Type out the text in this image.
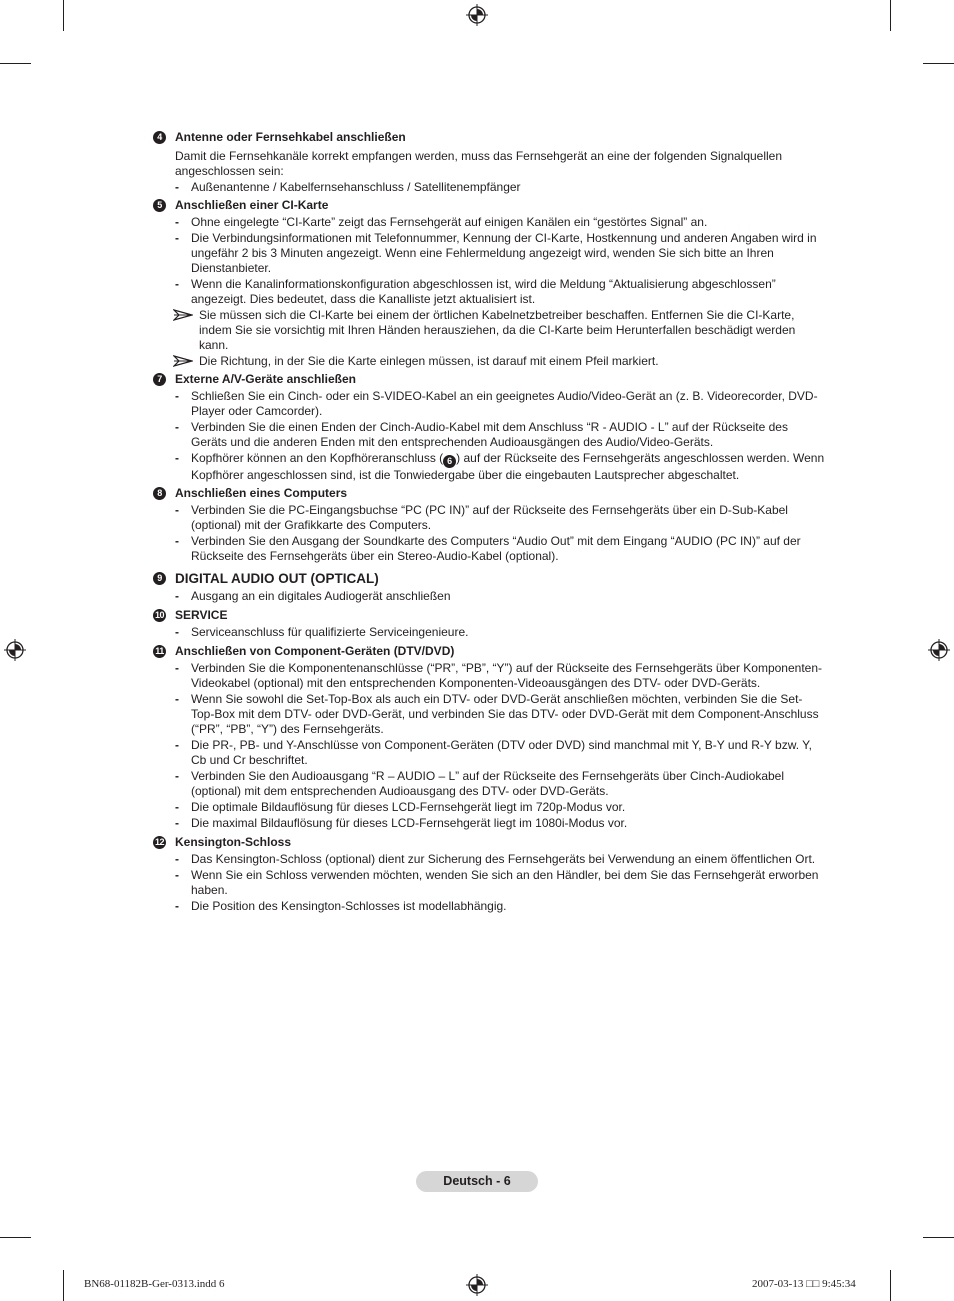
4	Antenne oder Fernsehkabel anschließen
Damit die Fernsehkanäle korrekt empfangen werden, muss das Fernsehgerät an eine der folgenden Signalquellen angeschlossen sein:
- Außenantenne / Kabelfernsehanschluss / Satellitenempfänger
5	Anschließen einer CI-Karte
- Ohne eingelegte “CI-Karte” zeigt das Fernsehgerät auf einigen Kanälen ein “gestörtes Signal” an.
- Die Verbindungsinformationen mit Telefonnummer, Kennung der CI-Karte, Hostkennung und anderen Angaben wird in ungefähr 2 bis 3 Minuten angezeigt. Wenn eine Fehlermeldung angezeigt wird, wenden Sie sich bitte an Ihren Dienstanbieter.
- Wenn die Kanalinformationskonfiguration abgeschlossen ist, wird die Meldung “Aktualisierung abgeschlossen” angezeigt. Dies bedeutet, dass die Kanalliste jetzt aktualisiert ist.
Sie müssen sich die CI-Karte bei einem der örtlichen Kabelnetzbetreiber beschaffen. Entfernen Sie die CI-Karte, indem Sie sie vorsichtig mit Ihren Händen herausziehen, da die CI-Karte beim Herunterfallen beschädigt werden kann.
Die Richtung, in der Sie die Karte einlegen müssen, ist darauf mit einem Pfeil markiert.
7	Externe A/V-Geräte anschließen
- Schließen Sie ein Cinch- oder ein S-VIDEO-Kabel an ein geeignetes Audio/Video-Gerät an (z. B. Videorecorder, DVD-Player oder Camcorder).
- Verbinden Sie die einen Enden der Cinch-Audio-Kabel mit dem Anschluss “R - AUDIO - L” auf der Rückseite des Geräts und die anderen Enden mit den entsprechenden Audioausgängen des Audio/Video-Geräts.
- Kopfhörer können an den Kopfhöreranschluss ( 6 ) auf der Rückseite des Fernsehgeräts angeschlossen werden. Wenn Kopfhörer angeschlossen sind, ist die Tonwiedergabe über die eingebauten Lautsprecher abgeschaltet.
8	Anschließen eines Computers
- Verbinden Sie die PC-Eingangsbuchse “PC (PC IN)” auf der Rückseite des Fernsehgeräts über ein D-Sub-Kabel (optional) mit der Grafikkarte des Computers.
- Verbinden Sie den Ausgang der Soundkarte des Computers “Audio Out” mit dem Eingang “AUDIO (PC IN)” auf der Rückseite des Fernsehgeräts über ein Stereo-Audio-Kabel (optional).
9 DIGITAL AUDIO OUT (OPTICAL)
- Ausgang an ein digitales Audiogerät anschließen
10 SERVICE
- Serviceanschluss für qualifizierte Serviceingenieure.
11 Anschließen von Component-Geräten (DTV/DVD)
- Verbinden Sie die Komponentenanschlüsse (“PR”, “PB”, “Y”) auf der Rückseite des Fernsehgeräts über Komponenten-Videokabel (optional) mit den entsprechenden Komponenten-Videoausgängen des DTV- oder DVD-Geräts.
- Wenn Sie sowohl die Set-Top-Box als auch ein DTV- oder DVD-Gerät anschließen möchten, verbinden Sie die Set-Top-Box mit dem DTV- oder DVD-Gerät, und verbinden Sie das DTV- oder DVD-Gerät mit dem Component-Anschluss (“PR”, “PB”, “Y”) des Fernsehgeräts.
- Die PR-, PB- und Y-Anschlüsse von Component-Geräten (DTV oder DVD) sind manchmal mit Y, B-Y und R-Y bzw. Y, Cb und Cr beschriftet.
- Verbinden Sie den Audioausgang “R – AUDIO – L” auf der Rückseite des Fernsehgeräts über Cinch-Audiokabel (optional) mit dem entsprechenden Audioausgang des DTV- oder DVD-Geräts.
- Die optimale Bildauflösung für dieses LCD-Fernsehgerät liegt im 720p-Modus vor.
- Die maximal Bildauflösung für dieses LCD-Fernsehgerät liegt im 1080i-Modus vor.
12 Kensington-Schloss
- Das Kensington-Schloss (optional) dient zur Sicherung des Fernsehgeräts bei Verwendung an einem öffentlichen Ort.
- Wenn Sie ein Schloss verwenden möchten, wenden Sie sich an den Händler, bei dem Sie das Fernsehgerät erworben haben.
- Die Position des Kensington-Schlosses ist modellabhängig.
Deutsch - 6
BN68-01182B-Ger-0313.indd 6	2007-03-13 □□ 9:45:34
